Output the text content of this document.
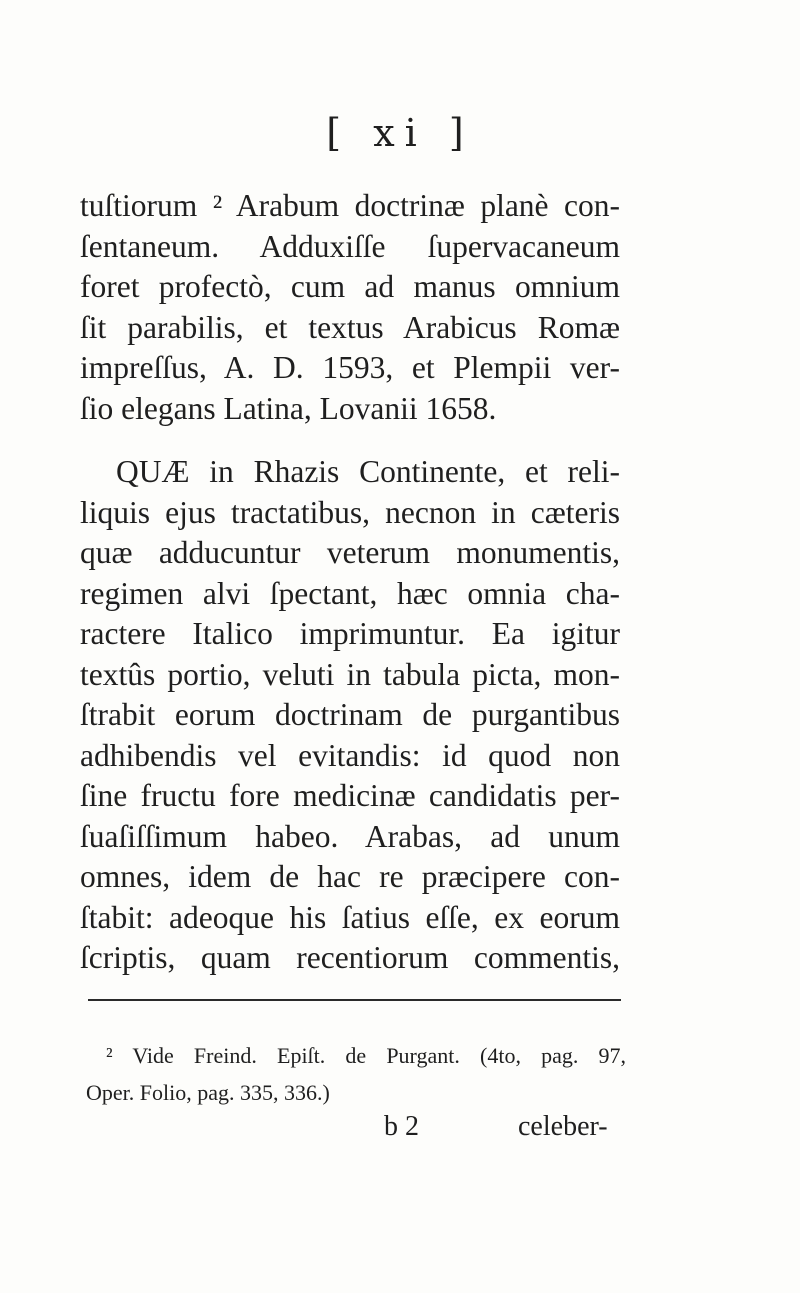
[ xi ]
tuſtiorum ² Arabum doctrinæ planè con-
ſentaneum. Adduxiſſe ſupervacaneum
foret profectò, cum ad manus omnium
ſit parabilis, et textus Arabicus Romæ
impreſſus, A. D. 1593, et Plempii ver-
ſio elegans Latina, Lovanii 1658.
QUÆ in Rhazis Continente, et reli-
liquis ejus tractatibus, necnon in cæteris
quæ adducuntur veterum monumentis,
regimen alvi ſpectant, hæc omnia cha-
ractere Italico imprimuntur. Ea igitur
textûs portio, veluti in tabula picta, mon-
ſtrabit eorum doctrinam de purgantibus
adhibendis vel evitandis: id quod non
ſine fructu fore medicinæ candidatis per-
ſuaſiſſimum habeo. Arabas, ad unum
omnes, idem de hac re præcipere con-
ſtabit: adeoque his ſatius eſſe, ex eorum
ſcriptis, quam recentiorum commentis,
² Vide Freind. Epiſt. de Purgant. (4to, pag. 97,
Oper. Folio, pag. 335, 336.)
b 2	celeber-
